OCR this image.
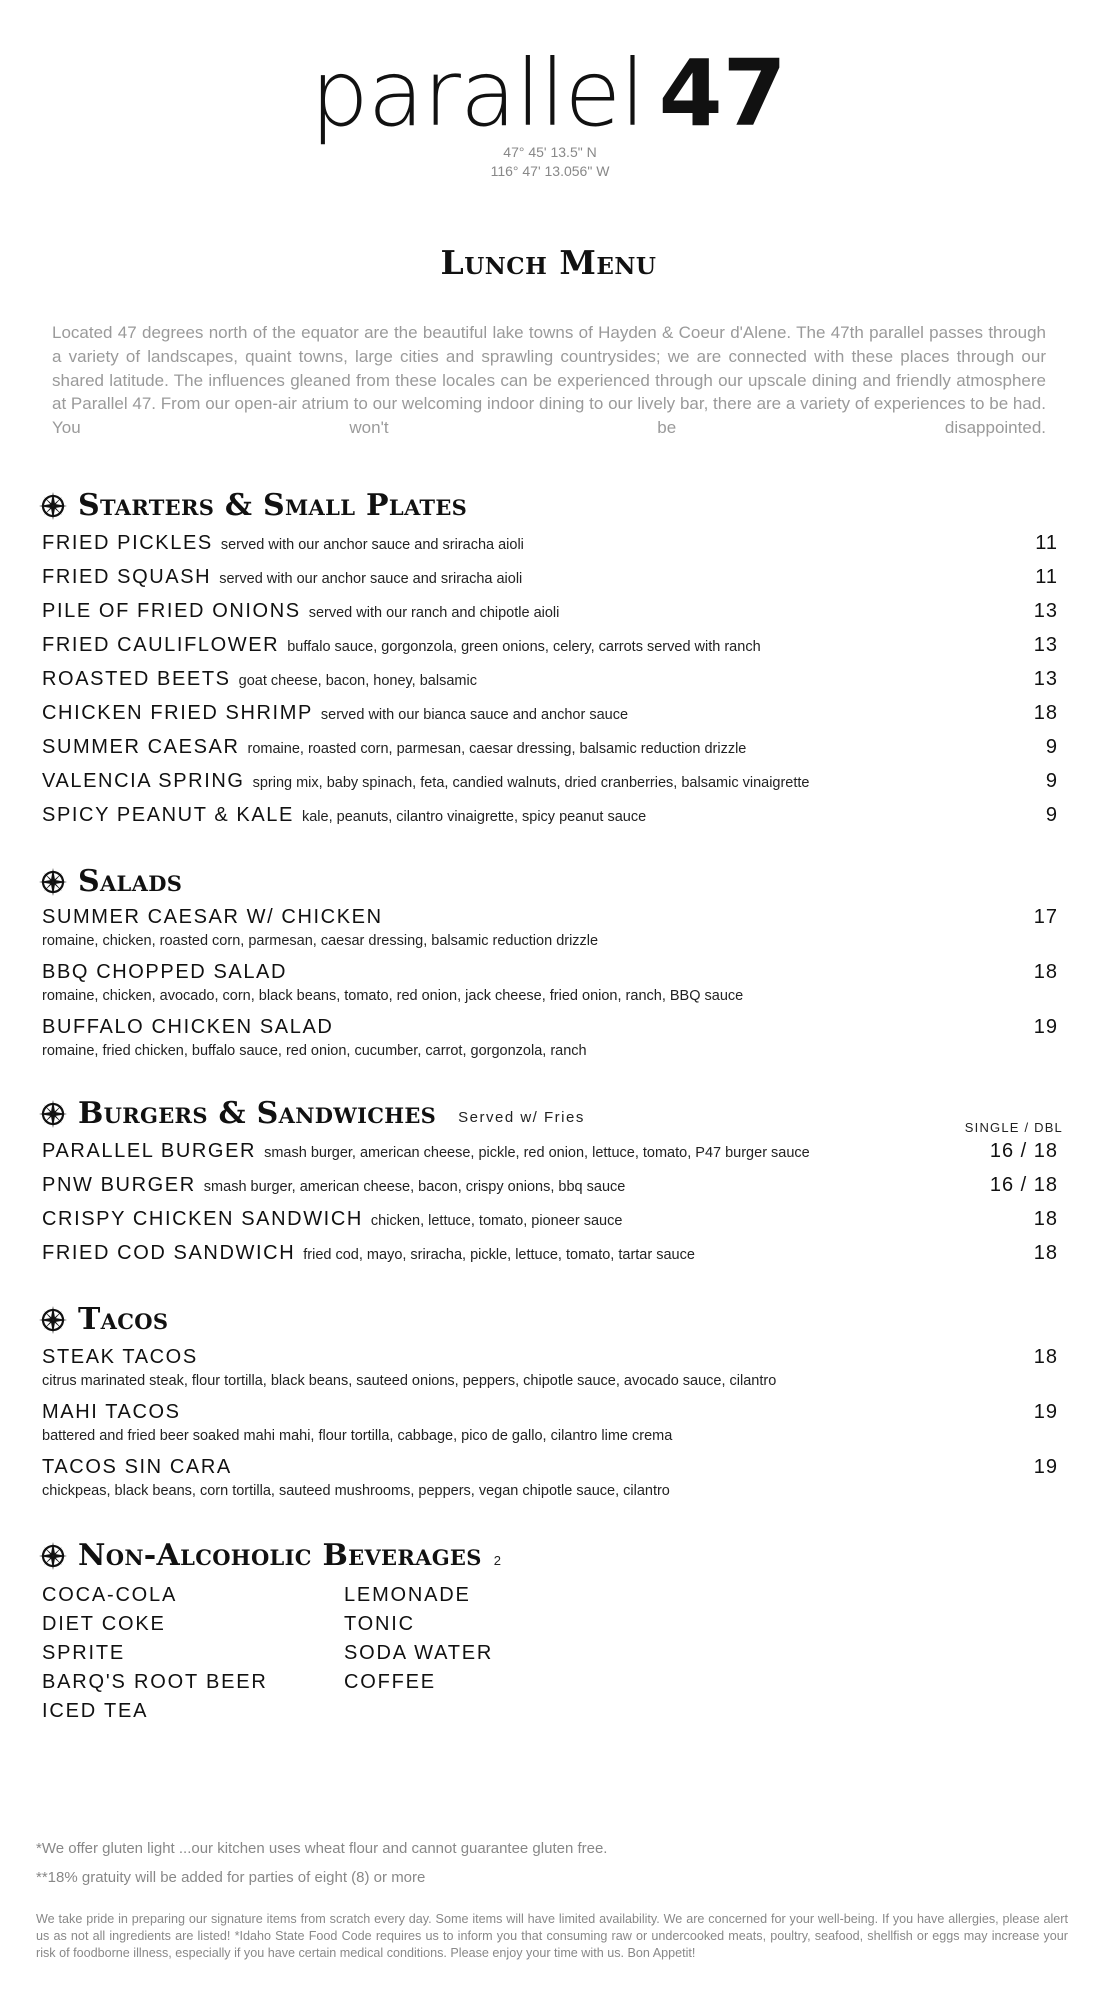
parallel 47
47° 45' 13.5" N
116° 47' 13.056" W
Lunch Menu
Located 47 degrees north of the equator are the beautiful lake towns of Hayden & Coeur d'Alene. The 47th parallel passes through a variety of landscapes, quaint towns, large cities and sprawling countrysides; we are connected with these places through our shared latitude. The influences gleaned from these locales can be experienced through our upscale dining and friendly atmosphere at Parallel 47. From our open-air atrium to our welcoming indoor dining to our lively bar, there are a variety of experiences to be had. You won't be disappointed.
Starters & Small Plates
FRIED PICKLES served with our anchor sauce and sriracha aioli	11
FRIED SQUASH served with our anchor sauce and sriracha aioli	11
PILE OF FRIED ONIONS served with our ranch and chipotle aioli	13
FRIED CAULIFLOWER buffalo sauce, gorgonzola, green onions, celery, carrots served with ranch	13
ROASTED BEETS goat cheese, bacon, honey, balsamic	13
CHICKEN FRIED SHRIMP served with our bianca sauce and anchor sauce	18
SUMMER CAESAR romaine, roasted corn, parmesan, caesar dressing, balsamic reduction drizzle	9
VALENCIA SPRING spring mix, baby spinach, feta, candied walnuts, dried cranberries, balsamic vinaigrette	9
SPICY PEANUT & KALE kale, peanuts, cilantro vinaigrette, spicy peanut sauce	9
Salads
SUMMER CAESAR W/ CHICKEN
romaine, chicken, roasted corn, parmesan, caesar dressing, balsamic reduction drizzle
17
BBQ CHOPPED SALAD
romaine, chicken, avocado, corn, black beans, tomato, red onion, jack cheese, fried onion, ranch, BBQ sauce
18
BUFFALO CHICKEN SALAD
romaine, fried chicken, buffalo sauce, red onion, cucumber, carrot, gorgonzola, ranch
19
Burgers & Sandwiches Served w/ Fries
SINGLE / DBL
PARALLEL BURGER smash burger, american cheese, pickle, red onion, lettuce, tomato, P47 burger sauce	16 / 18
PNW BURGER smash burger, american cheese, bacon, crispy onions, bbq sauce	16 / 18
CRISPY CHICKEN SANDWICH chicken, lettuce, tomato, pioneer sauce	18
FRIED COD SANDWICH fried cod, mayo, sriracha, pickle, lettuce, tomato, tartar sauce	18
Tacos
STEAK TACOS
citrus marinated steak, flour tortilla, black beans, sauteed onions, peppers, chipotle sauce, avocado sauce, cilantro
18
MAHI TACOS
battered and fried beer soaked mahi mahi, flour tortilla, cabbage, pico de gallo, cilantro lime crema
19
TACOS SIN CARA
chickpeas, black beans, corn tortilla, sauteed mushrooms, peppers, vegan chipotle sauce, cilantro
19
Non-Alcoholic Beverages 2
COCA-COLA
DIET COKE
SPRITE
BARQ'S ROOT BEER
ICED TEA
LEMONADE
TONIC
SODA WATER
COFFEE
*We offer gluten light ...our kitchen uses wheat flour and cannot guarantee gluten free.
**18% gratuity will be added for parties of eight (8) or more
We take pride in preparing our signature items from scratch every day. Some items will have limited availability. We are concerned for your well-being. If you have allergies, please alert us as not all ingredients are listed! *Idaho State Food Code requires us to inform you that consuming raw or undercooked meats, poultry, seafood, shellfish or eggs may increase your risk of foodborne illness, especially if you have certain medical conditions. Please enjoy your time with us. Bon Appetit!
